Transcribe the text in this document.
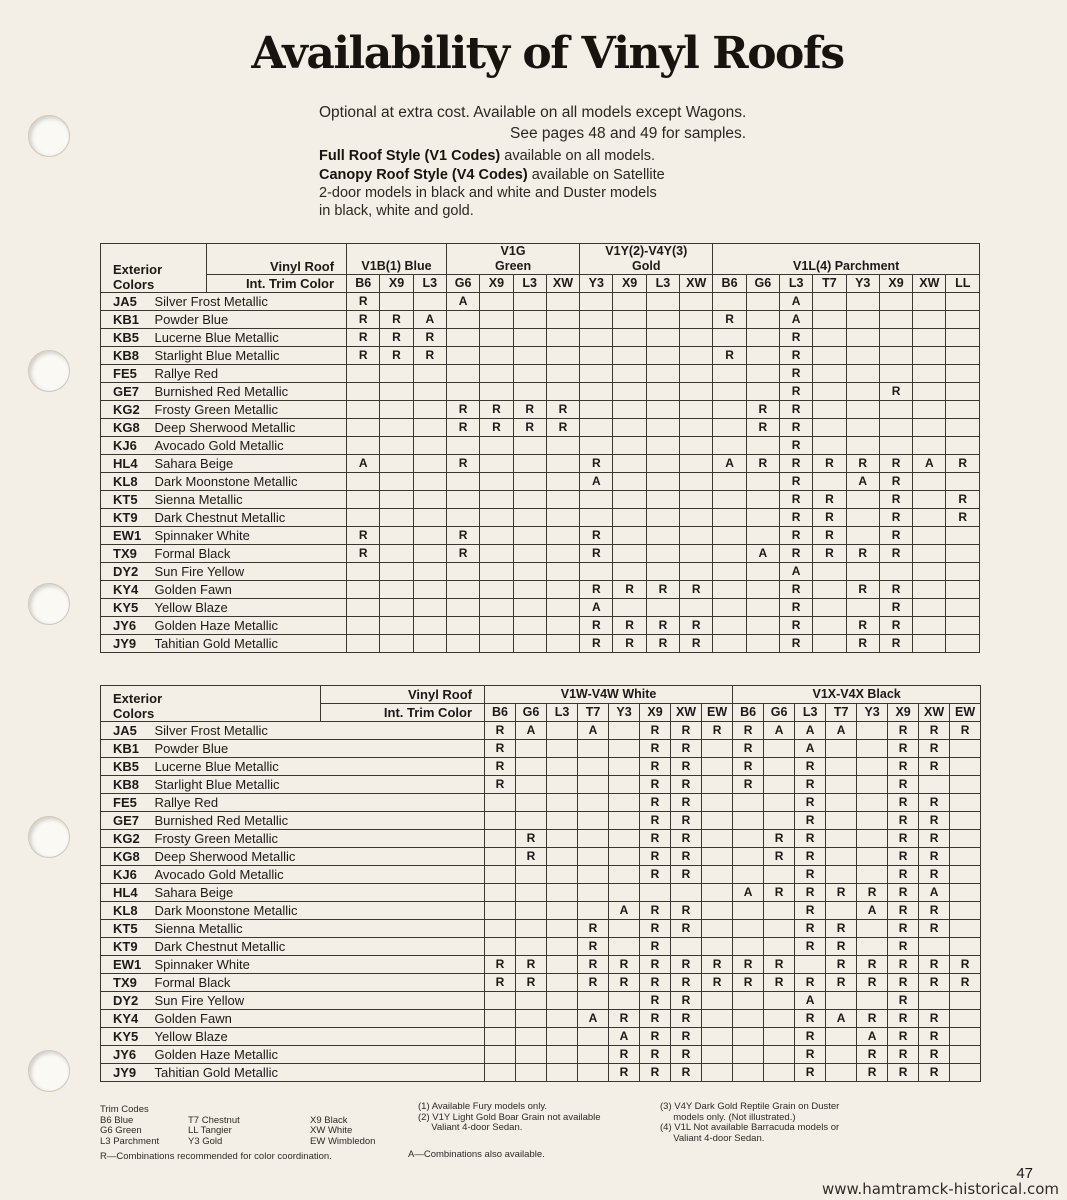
Availability of Vinyl Roofs
Optional at extra cost. Available on all models except Wagons.
See pages 48 and 49 for samples.
Full Roof Style (V1 Codes) available on all models.
Canopy Roof Style (V4 Codes) available on Satellite
2-door models in black and white and Duster models
in black, white and gold.
Exterior
Colors		Vinyl Roof	V1B(1) Blue			V1G
Green				V1Y(2)-V4Y(3)
Gold				V1L(4) Parchment							
		Int. Trim Color	B6	X9	L3	G6	X9	L3	XW	Y3	X9	L3	XW	B6	G6	L3	T7	Y3	X9	XW	LL
JA5	Silver Frost Metallic		R			A										A					
KB1	Powder Blue		R	R	A									R		A					
KB5	Lucerne Blue Metallic		R	R	R											R					
KB8	Starlight Blue Metallic		R	R	R									R		R					
FE5	Rallye Red															R					
GE7	Burnished Red Metallic															R			R		
KG2	Frosty Green Metallic					R	R	R	R						R	R					
KG8	Deep Sherwood Metallic					R	R	R	R						R	R					
KJ6	Avocado Gold Metallic															R					
HL4	Sahara Beige		A			R				R				A	R	R	R	R	R	A	R
KL8	Dark Moonstone Metallic									A						R		A	R		
KT5	Sienna Metallic															R	R		R		R
KT9	Dark Chestnut Metallic															R	R		R		R
EW1	Spinnaker White		R			R				R						R	R		R		
TX9	Formal Black		R			R				R					A	R	R	R	R		
DY2	Sun Fire Yellow															A					
KY4	Golden Fawn									R	R	R	R			R		R	R		
KY5	Yellow Blaze									A						R			R		
JY6	Golden Haze Metallic									R	R	R	R			R		R	R		
JY9	Tahitian Gold Metallic									R	R	R	R			R		R	R		
Exterior
Colors		Vinyl Roof	V1W-V4W White								V1X-V4X Black							
		Int. Trim Color	B6	G6	L3	T7	Y3	X9	XW	EW	B6	G6	L3	T7	Y3	X9	XW	EW
JA5	Silver Frost Metallic		R	A		A		R	R	R	R	A	A	A		R	R	R
KB1	Powder Blue		R					R	R		R		A			R	R	
KB5	Lucerne Blue Metallic		R					R	R		R		R			R	R	
KB8	Starlight Blue Metallic		R					R	R		R		R			R		
FE5	Rallye Red							R	R				R			R	R	
GE7	Burnished Red Metallic							R	R				R			R	R	
KG2	Frosty Green Metallic			R				R	R			R	R			R	R	
KG8	Deep Sherwood Metallic			R				R	R			R	R			R	R	
KJ6	Avocado Gold Metallic							R	R				R			R	R	
HL4	Sahara Beige										A	R	R	R	R	R	A	
KL8	Dark Moonstone Metallic						A	R	R				R		A	R	R	
KT5	Sienna Metallic					R		R	R				R	R		R	R	
KT9	Dark Chestnut Metallic					R		R					R	R		R		
EW1	Spinnaker White		R	R		R	R	R	R	R	R	R		R	R	R	R	R
TX9	Formal Black		R	R		R	R	R	R	R	R	R	R	R	R	R	R	R
DY2	Sun Fire Yellow							R	R				A			R		
KY4	Golden Fawn					A	R	R	R				R	A	R	R	R	
KY5	Yellow Blaze						A	R	R				R		A	R	R	
JY6	Golden Haze Metallic						R	R	R				R		R	R	R	
JY9	Tahitian Gold Metallic						R	R	R				R		R	R	R	
Trim Codes
B6 Blue
G6 Green
L3 Parchment

T7 Chestnut
LL Tangier
Y3 Gold

X9 Black
XW White
EW Wimbledon
R—Combinations recommended for color coordination.
(1) Available Fury models only.
(2) V1Y Light Gold Boar Grain not available
Valiant 4-door Sedan.
A—Combinations also available.
(3) V4Y Dark Gold Reptile Grain on Duster
models only. (Not illustrated.)
(4) V1L Not available Barracuda models or
Valiant 4-door Sedan.
47
www.hamtramck-historical.com
